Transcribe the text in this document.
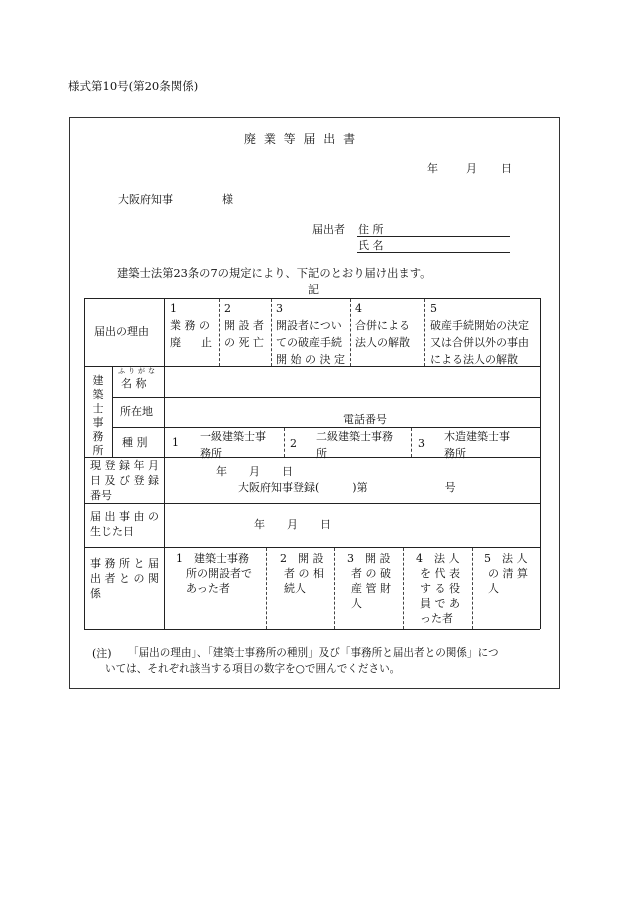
様式第10号(第20条関係)
廃 業 等 届 出 書
年	月 日
大阪府知事	様
届出者 住 所
氏 名
建築士法第23条の7の規定により、下記のとおり届け出ます。
記
届出の理由
1
業 務 の
廃 止
2
開 設 者
の 死 亡
3
開設者につい
ての破産手続
開 始 の 決 定
4
合併による
法人の解散
5
破産手続開始の決定
又は合併以外の事由
による法人の解散
建築士事務所
ふりがな
名 称
所在地
電話番号
種 別 1 一級建築士事
務所
2
二級建築士事務
所
3
木造建築士事
務所
現 登 録 年 月
日 及 び 登 録
番号
年　　月　　日
大阪府知事登録(　　　)第　　　　　　　号
届 出 事 由 の
生じた日
年　　月　　日
事 務 所 と 届
出 者 と の 関
係
1　建築士事務
所の開設者で
あった者
2　開 設
者 の 相
続人
3　開 設
者 の 破
産 管 財
人
4　法 人
を 代 表
す る 役
員 で あ
った者
5　法 人
の 清 算
人
(注) 「届出の理由」、「建築士事務所の種別」及び「事務所と届出者との関係」につ
いては、それぞれ該当する項目の数字を○で囲んでください。
